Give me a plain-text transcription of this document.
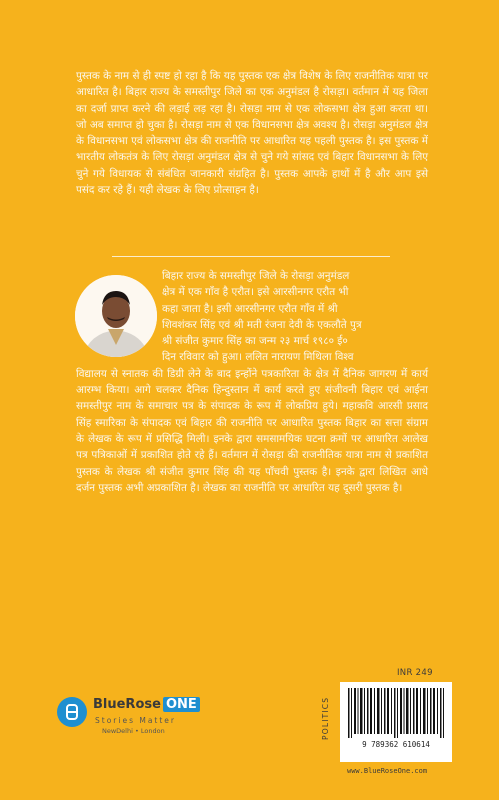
पुस्तक के नाम से ही स्पष्ट हो रहा है कि यह पुस्तक एक क्षेत्र विशेष के लिए राजनीतिक यात्रा पर आधारित है। बिहार राज्य के समस्तीपुर जिले का एक अनुमंडल है रोसड़ा। वर्तमान में यह जिला का दर्जा प्राप्त करने की लड़ाई लड़ रहा है। रोसड़ा नाम से एक लोकसभा क्षेत्र हुआ करता था। जो अब समाप्त हो चुका है। रोसड़ा नाम से एक विधानसभा क्षेत्र अवश्य है। रोसड़ा अनुमंडल क्षेत्र के विधानसभा एवं लोकसभा क्षेत्र की राजनीति पर आधारित यह पहली पुस्तक है। इस पुस्तक में भारतीय लोकतंत्र के लिए रोसड़ा अनुमंडल क्षेत्र से चुने गये सांसद एवं बिहार विधानसभा के लिए चुने गये विधायक से संबंधित जानकारी संग्रहित है। पुस्तक आपके हाथों में है और आप इसे पसंद कर रहे हैं। यही लेखक के लिए प्रोत्साहन है।

बिहार राज्य के समस्तीपुर जिले के रोसड़ा अनुमंडल
क्षेत्र में एक गाँव है एरौत। इसे आरसीनगर एरौत भी
कहा जाता है। इसी आरसीनगर एरौत गाँव में श्री
शिवशंकर सिंह एवं श्री मती रंजना देवी के एकलौते पुत्र
श्री संजीत कुमार सिंह का जन्म २३ मार्च १९८० ई०
दिन रविवार को हुआ। ललित नारायण मिथिला विश्व
विद्यालय से स्नातक की डिग्री लेने के बाद इन्होंने पत्रकारिता के क्षेत्र में दैनिक जागरण में कार्य आरम्भ किया। आगे चलकर दैनिक हिन्दुस्तान में कार्य करते हुए संजीवनी बिहार एवं आईना समस्तीपुर नाम के समाचार पत्र के संपादक के रूप में लोकप्रिय हुये। महाकवि आरसी प्रसाद सिंह स्मारिका के संपादक एवं बिहार की राजनीति पर आधारित पुस्तक बिहार का सत्ता संग्राम के लेखक के रूप में प्रसिद्धि मिली। इनके द्वारा समसामयिक घटना क्रमों पर आधारित आलेख पत्र पत्रिकाओं में प्रकाशित होते रहे हैं। वर्तमान में रोसड़ा की राजनीतिक यात्रा नाम से प्रकाशित पुस्तक के लेखक श्री संजीत कुमार सिंह की यह पाँचवी पुस्तक है। इनके द्वारा लिखित आधे दर्जन पुस्तक अभी अप्रकाशित है। लेखक का राजनीति पर आधारित यह दूसरी पुस्तक है।
BlueRose ONE
Stories Matter
NewDelhi • London	POLITICS
INR 249
9 789362 610614
www.BlueRoseOne.com
